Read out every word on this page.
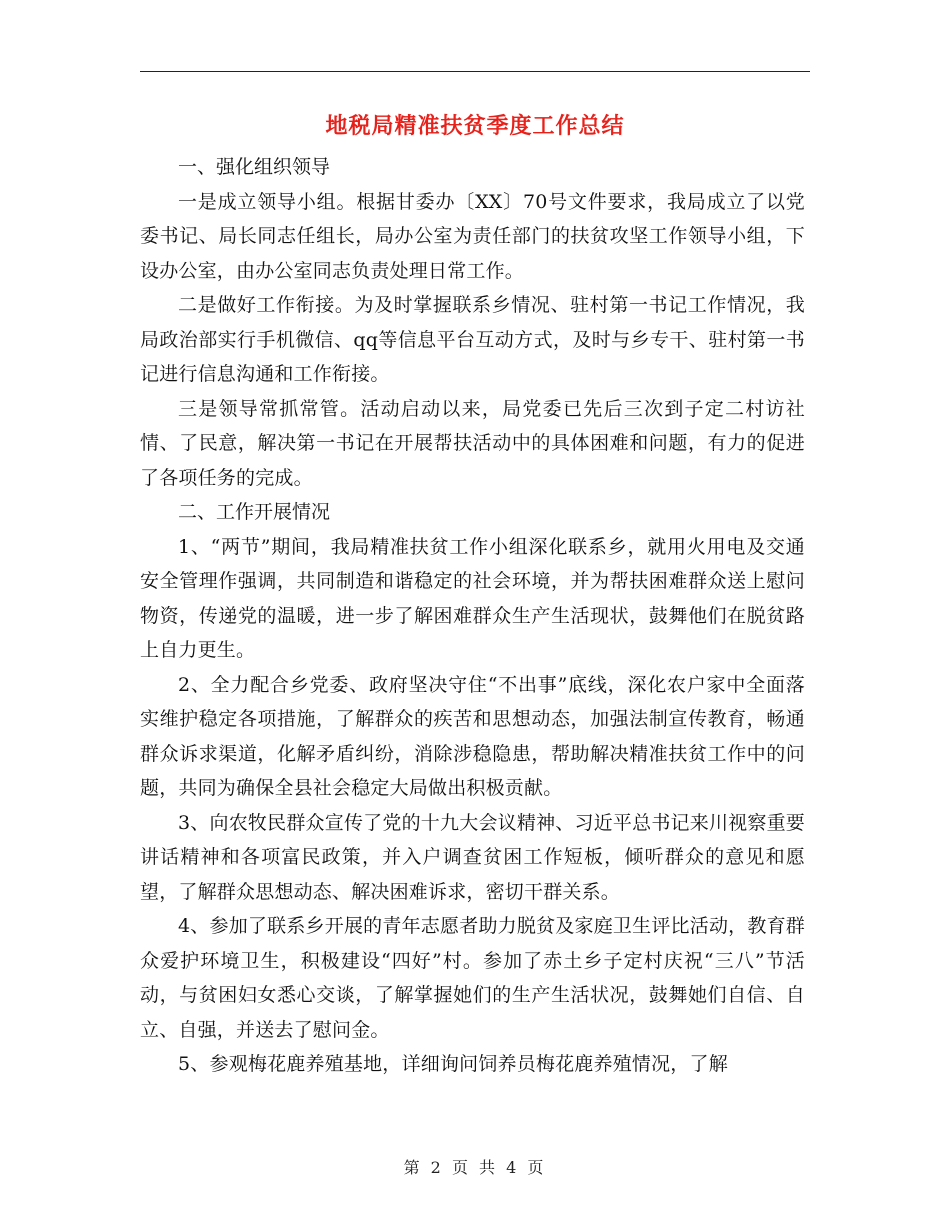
地税局精准扶贫季度工作总结

一、强化组织领导

一是成立领导小组。根据甘委办〔XX〕70号文件要求，我局成立了以党委书记、局长同志任组长，局办公室为责任部门的扶贫攻坚工作领导小组，下设办公室，由办公室同志负责处理日常工作。

二是做好工作衔接。为及时掌握联系乡情况、驻村第一书记工作情况，我局政治部实行手机微信、qq等信息平台互动方式，及时与乡专干、驻村第一书记进行信息沟通和工作衔接。

三是领导常抓常管。活动启动以来，局党委已先后三次到子定二村访社情、了民意，解决第一书记在开展帮扶活动中的具体困难和问题，有力的促进了各项任务的完成。

二、工作开展情况

1、“两节”期间，我局精准扶贫工作小组深化联系乡，就用火用电及交通安全管理作强调，共同制造和谐稳定的社会环境，并为帮扶困难群众送上慰问物资，传递党的温暖，进一步了解困难群众生产生活现状，鼓舞他们在脱贫路上自力更生。

2、全力配合乡党委、政府坚决守住“不出事”底线，深化农户家中全面落实维护稳定各项措施，了解群众的疾苦和思想动态，加强法制宣传教育，畅通群众诉求渠道，化解矛盾纠纷，消除涉稳隐患，帮助解决精准扶贫工作中的问题，共同为确保全县社会稳定大局做出积极贡献。

3、向农牧民群众宣传了党的十九大会议精神、习近平总书记来川视察重要讲话精神和各项富民政策，并入户调查贫困工作短板，倾听群众的意见和愿望，了解群众思想动态、解决困难诉求，密切干群关系。

4、参加了联系乡开展的青年志愿者助力脱贫及家庭卫生评比活动，教育群众爱护环境卫生，积极建设“四好”村。参加了赤土乡子定村庆祝“三八”节活动，与贫困妇女悉心交谈，了解掌握她们的生产生活状况，鼓舞她们自信、自立、自强，并送去了慰问金。

5、参观梅花鹿养殖基地，详细询问饲养员梅花鹿养殖情况，了解

第 2 页 共 4 页
